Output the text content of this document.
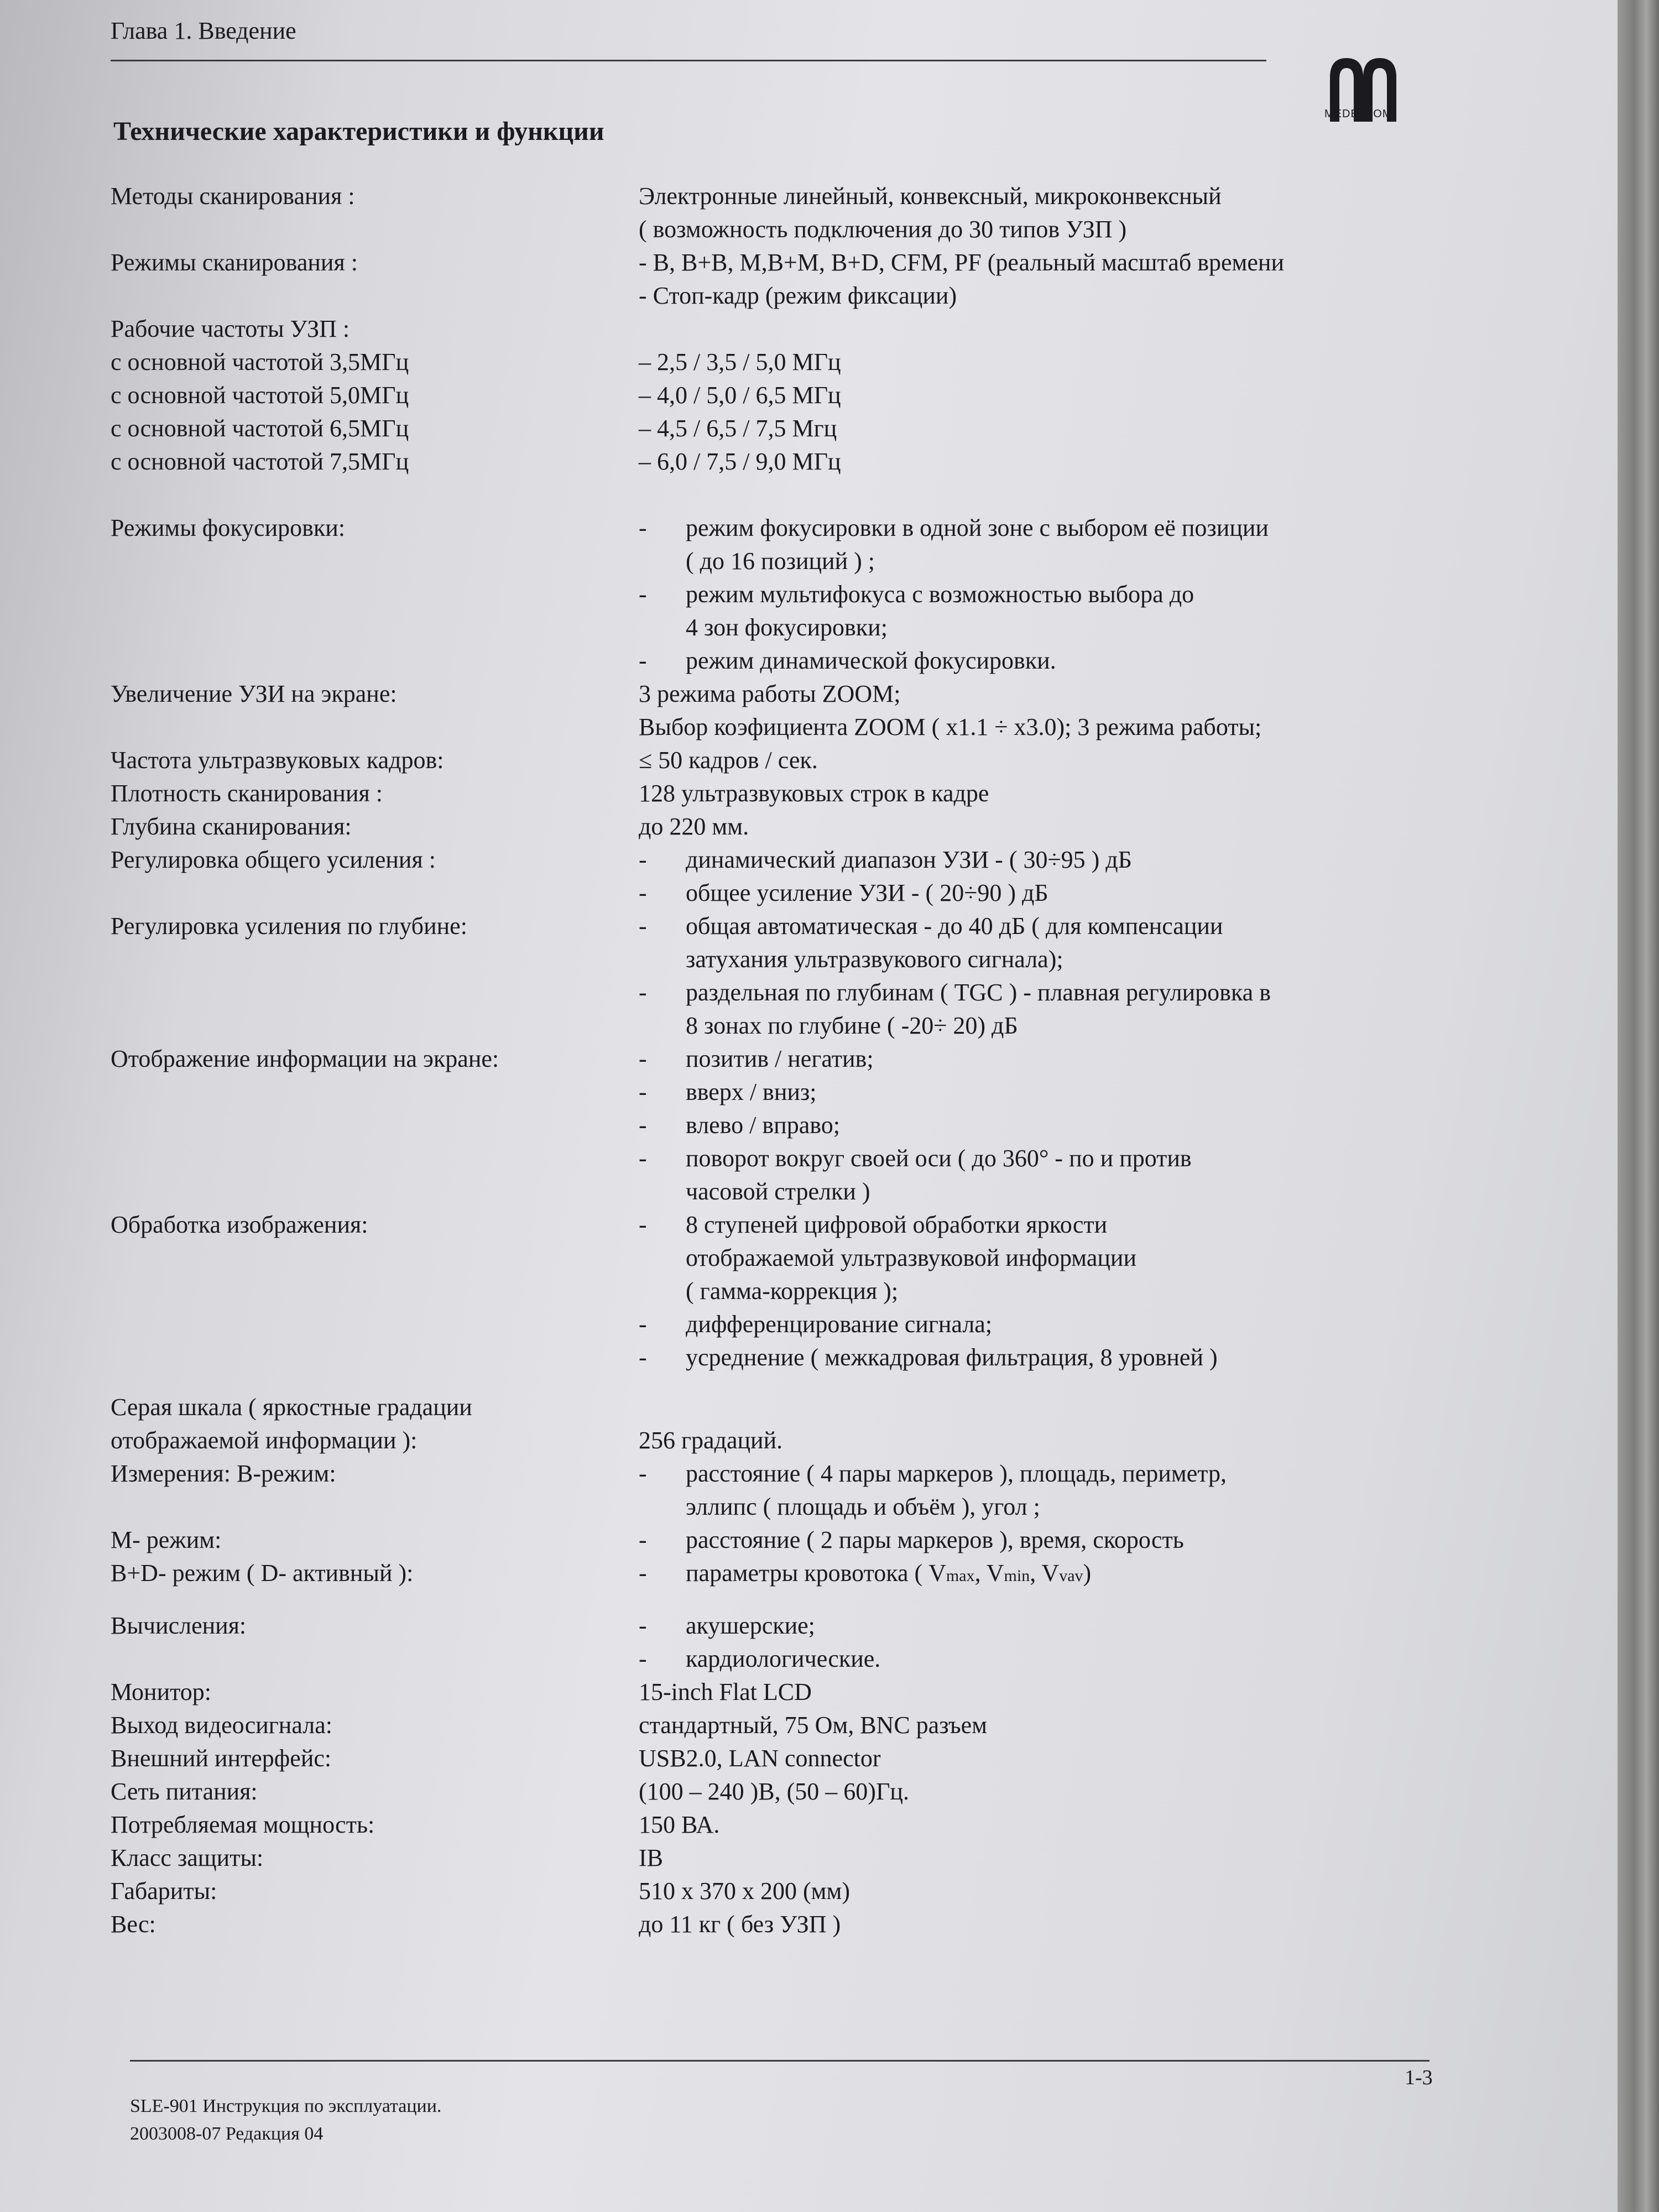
Глава 1. Введение
MEDELKOM
Технические характеристики и функции
Методы сканирования :	Электронные линейный, конвексный, микроконвексный
( возможность подключения до 30 типов УЗП )
Режимы сканирования :	- B, B+B, M,B+M, B+D, CFM, PF (реальный масштаб времени
- Стоп-кадр (режим фиксации)
Рабочие частоты УЗП :
с основной частотой 3,5МГц	– 2,5 / 3,5 / 5,0 МГц
с основной частотой 5,0МГц	– 4,0 / 5,0 / 6,5 МГц
с основной частотой 6,5МГц	– 4,5 / 6,5 / 7,5 Мгц
с основной частотой 7,5МГц	– 6,0 / 7,5 / 9,0 МГц
Режимы фокусировки:	-	режим фокусировки в одной зоне с выбором её позиции
( до 16 позиций ) ;
-	режим мультифокуса с возможностью выбора до
4 зон фокусировки;
-	режим динамической фокусировки.
Увеличение УЗИ на экране:	3 режима работы ZOOM;
Выбор коэфициента ZOOM ( x1.1 ÷ x3.0); 3 режима работы;
Частота ультразвуковых кадров:	≤ 50 кадров / сек.
Плотность сканирования :	128 ультразвуковых строк в кадре
Глубина сканирования:	до 220 мм.
Регулировка общего усиления :	-	динамический диапазон УЗИ - ( 30÷95 ) дБ
-	общее усиление УЗИ - ( 20÷90 ) дБ
Регулировка усиления по глубине:	-	общая автоматическая - до 40 дБ ( для компенсации
затухания ультразвукового сигнала);
-	раздельная по глубинам ( TGC ) - плавная регулировка в
8 зонах по глубине ( -20÷ 20) дБ
Отображение информации на экране:	-	позитив / негатив;
-	вверх / вниз;
-	влево / вправо;
-	поворот вокруг своей оси ( до 360° - по и против
часовой стрелки )
Обработка изображения:	-	8 ступеней цифровой обработки яркости
отображаемой ультразвуковой информации
( гамма-коррекция );
-	дифференцирование сигнала;
-	усреднение ( межкадровая фильтрация, 8 уровней )
Серая шкала ( яркостные градации
отображаемой информации ):
	256 градаций.
Измерения: B-режим:	-	расстояние ( 4 пары маркеров ), площадь, периметр,
эллипс ( площадь и объём ), угол ;
М- режим:	-	расстояние ( 2 пары маркеров ), время, скорость
B+D- режим ( D- активный ):	-	параметры кровотока ( Vmax, Vmin, Vvav)
Вычисления:	-	акушерские;
-	кардиологические.
Монитор:	15-inch Flat LCD
Выход видеосигнала:	стандартный, 75 Ом, BNC разъем
Внешний интерфейс:	USB2.0, LAN connector
Сеть питания:	(100 – 240 )В, (50 – 60)Гц.
Потребляемая мощность:	150 ВА.
Класс защиты:	IB
Габариты:	510 x 370 x 200 (мм)
Вес:	до 11 кг ( без УЗП )
1-3
SLE-901 Инструкция по эксплуатации.
2003008-07 Редакция 04
